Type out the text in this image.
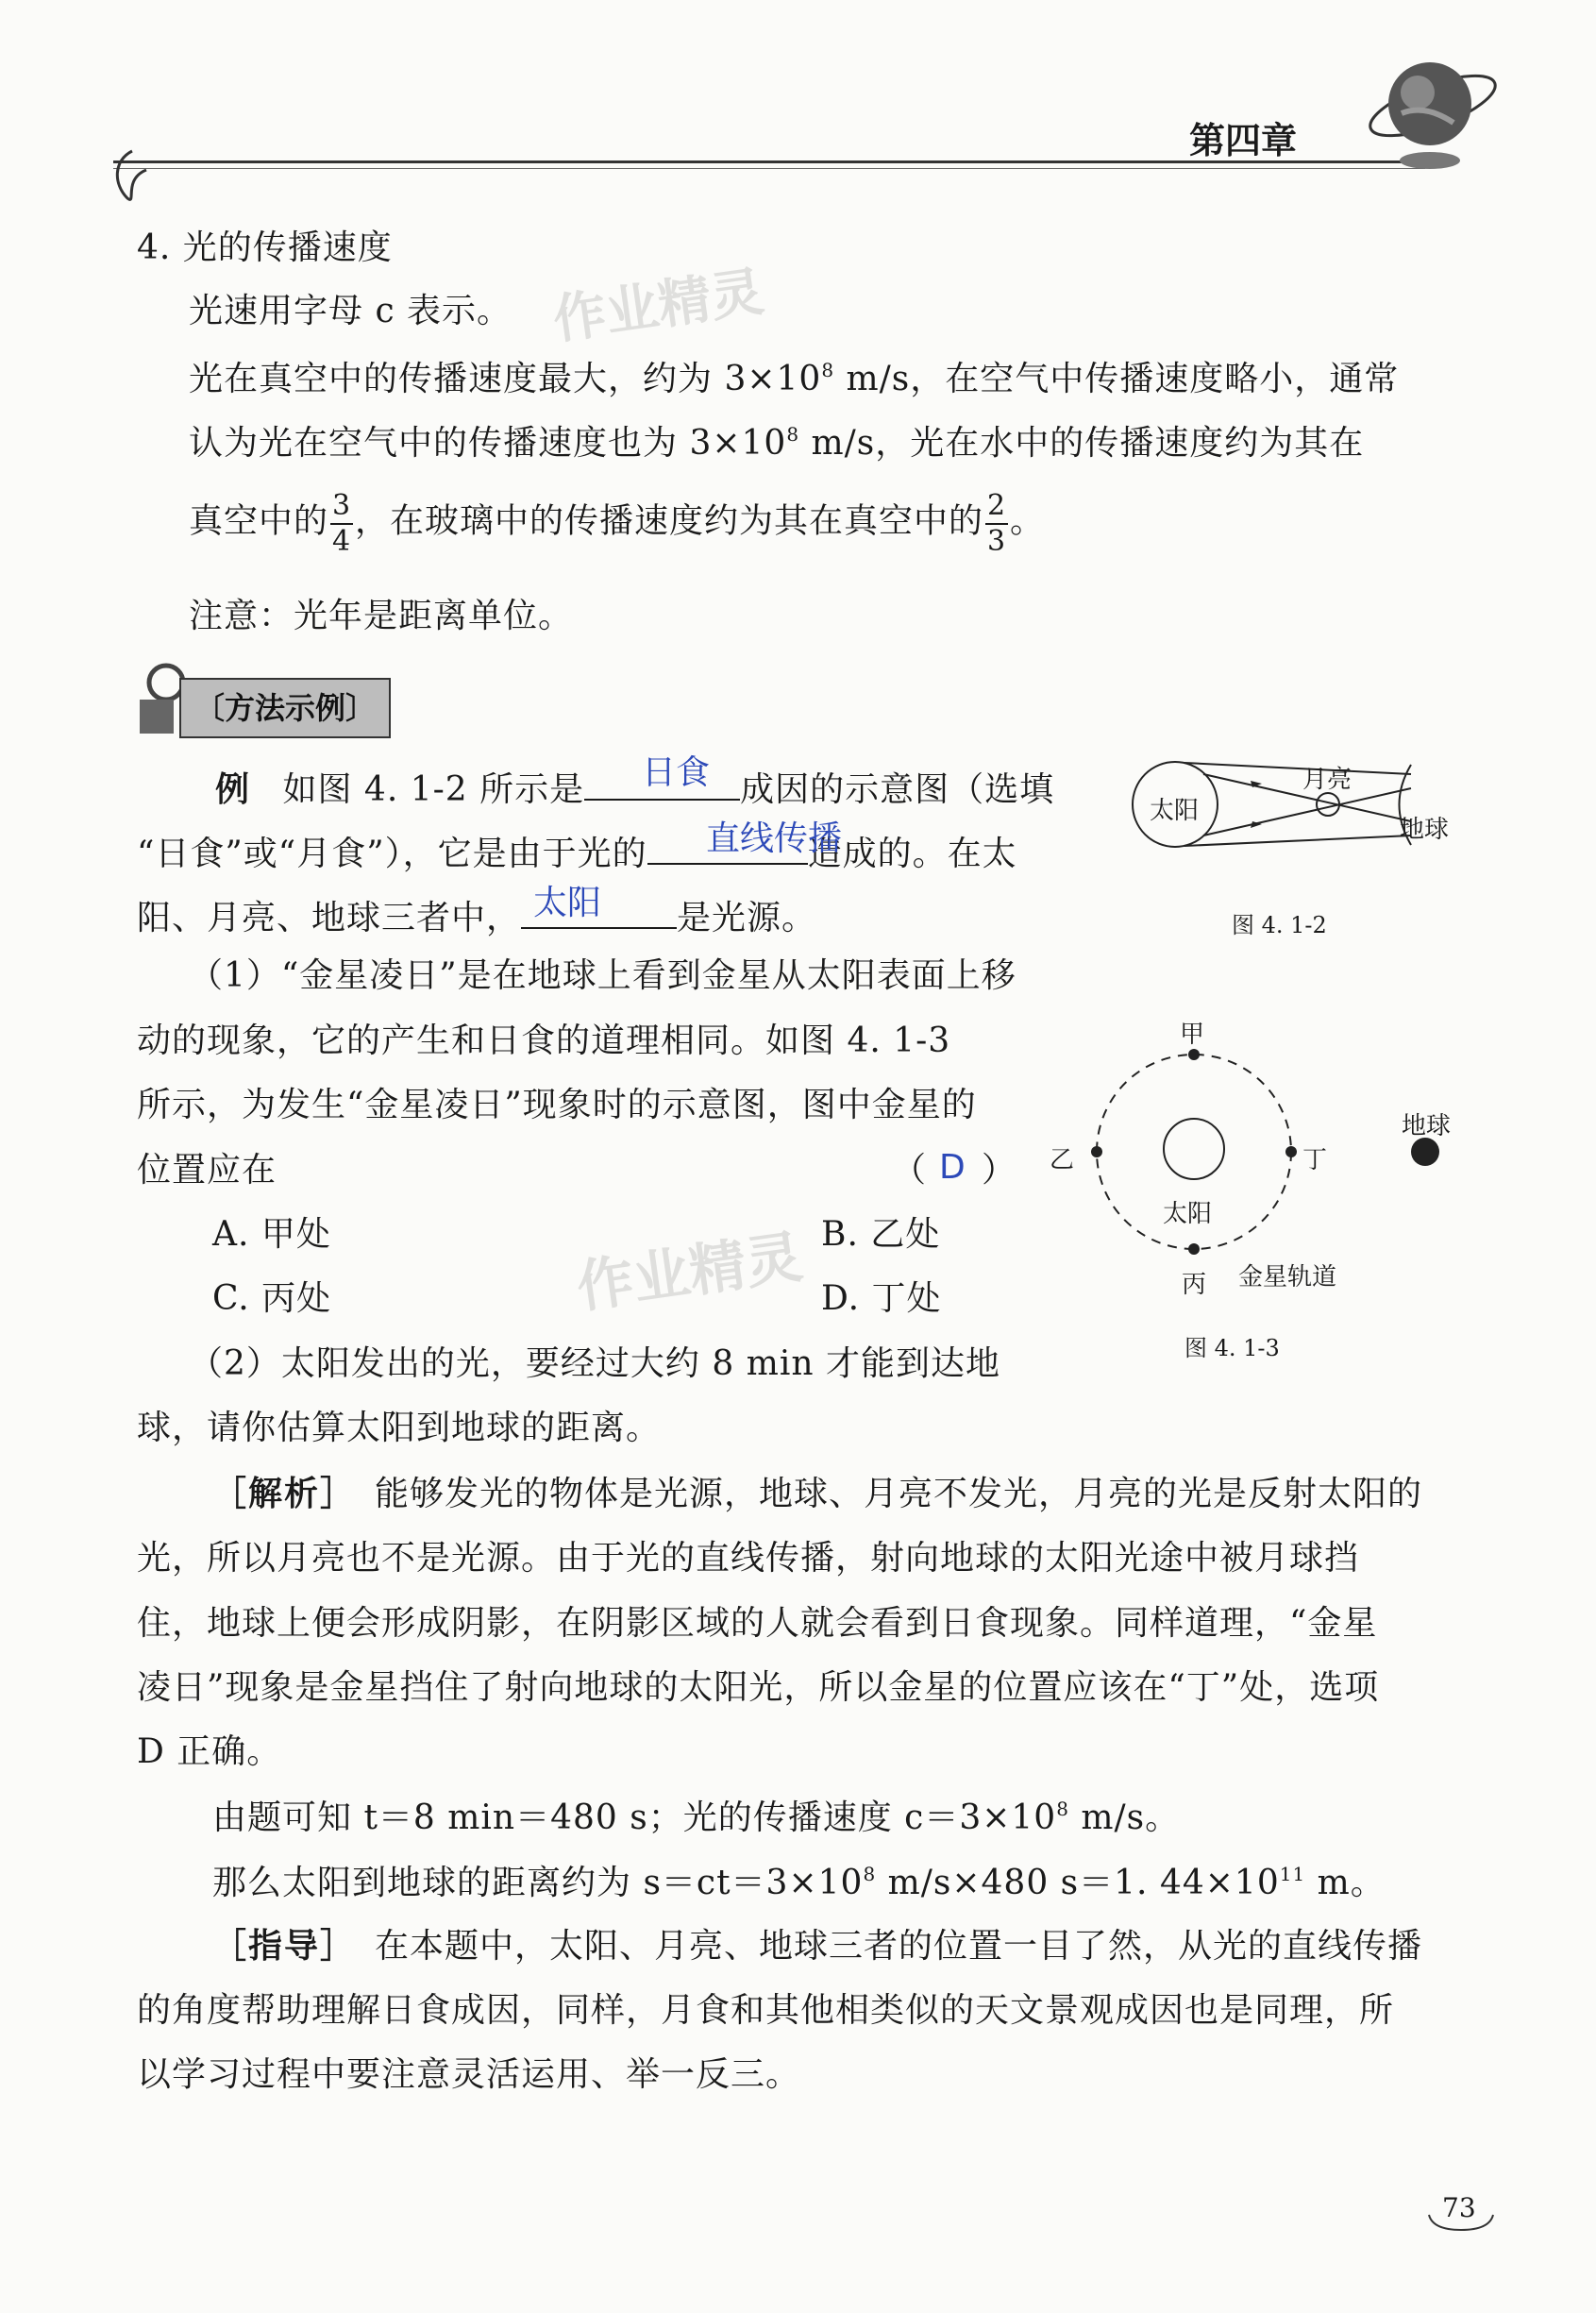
第四章
4. 光的传播速度
光速用字母 c 表示。
光在真空中的传播速度最大，约为 $3\times 10^8$ m/s，在空气中传播速度略小，通常
认为光在空气中的传播速度也为 $3\times 10^8$ m/s，光在水中的传播速度约为其在
真空中的 $\frac{3}{4}$ ，在玻璃中的传播速度约为其在真空中的 $\frac{2}{3}$ 。
注意：光年是距离单位。
〔方法示例〕
例 如图 4. 1-2 所示是	成因的示意图（选填
日食
“日食”或“月食”），它是由于光的	造成的。在太
直线传播
阳、月亮、地球三者中，	是光源。
太阳
（1）“金星凌日”是在地球上看到金星从太阳表面上移
动的现象，它的产生和日食的道理相同。如图 4. 1-3
所示，为发生“金星凌日”现象时的示意图，图中金星的
位置应在	（ D ）
A. 甲处	B. 乙处
C. 丙处	D. 丁处
（2）太阳发出的光，要经过大约 8 min 才能到达地
球，请你估算太阳到地球的距离。
太阳
月亮
地球
图 4. 1-2
甲
乙	丁
丙
太阳
地球
金星轨道
图 4. 1-3
［解析］ 能够发光的物体是光源，地球、月亮不发光，月亮的光是反射太阳的
光，所以月亮也不是光源。由于光的直线传播，射向地球的太阳光途中被月球挡
住，地球上便会形成阴影，在阴影区域的人就会看到日食现象。同样道理，“金星
凌日”现象是金星挡住了射向地球的太阳光，所以金星的位置应该在“丁”处，选项
D 正确。
由题可知 t＝8 min＝480 s；光的传播速度 $c=3\times 10^8$ m/s。
那么太阳到地球的距离约为 $s=ct=3\times 10^8$ m/s×480 s＝1. $44\times 10^{11}$ m。
［指导］ 在本题中，太阳、月亮、地球三者的位置一目了然，从光的直线传播
的角度帮助理解日食成因，同样，月食和其他相类似的天文景观成因也是同理，所
以学习过程中要注意灵活运用、举一反三。
作业精灵
作业精灵
73
